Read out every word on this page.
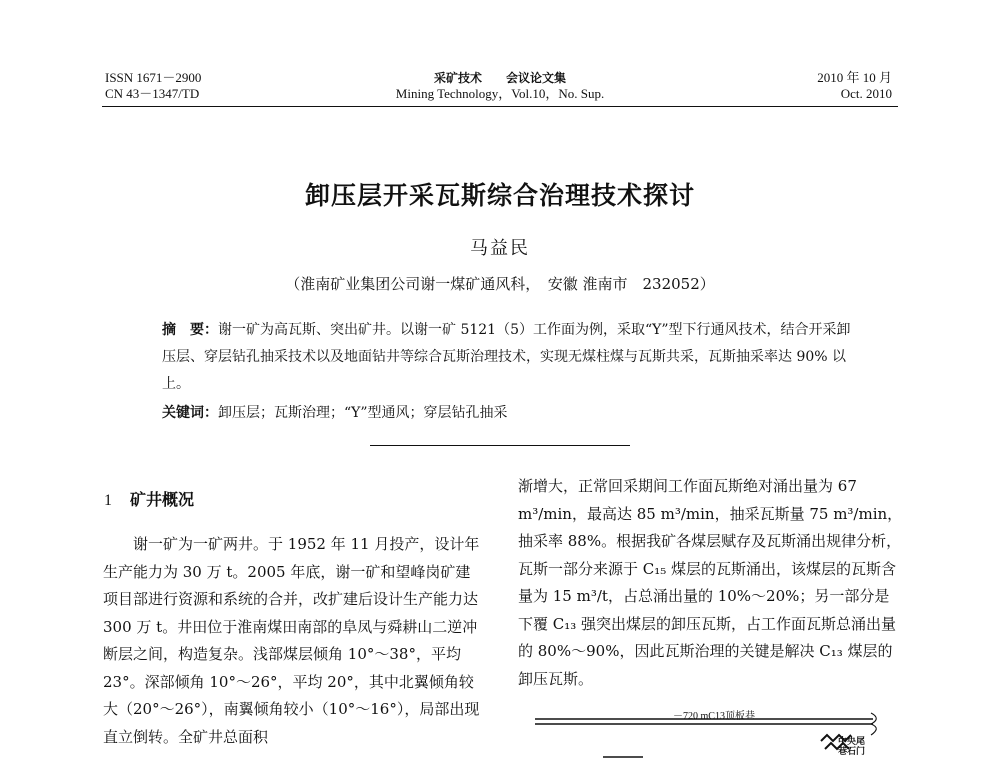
ISSN 1671－2900
CN 43－1347/TD
采矿技术　　会议论文集
Mining Technology，Vol.10，No. Sup.
2010 年 10 月
Oct. 2010
卸压层开采瓦斯综合治理技术探讨
马益民
（淮南矿业集团公司谢一煤矿通风科，　安徽 淮南市　232052）
摘　要：谢一矿为高瓦斯、突出矿井。以谢一矿 5121（5）工作面为例，采取“Y”型下行通风技术，结合开采卸压层、穿层钻孔抽采技术以及地面钻井等综合瓦斯治理技术，实现无煤柱煤与瓦斯共采，瓦斯抽采率达 90% 以上。
关键词：卸压层；瓦斯治理；“Y”型通风；穿层钻孔抽采
1 矿井概况

谢一矿为一矿两井。于 1952 年 11 月投产，设计年生产能力为 30 万 t。2005 年底，谢一矿和望峰岗矿建项目部进行资源和系统的合并，改扩建后设计生产能力达 300 万 t。井田位于淮南煤田南部的阜凤与舜耕山二逆冲断层之间，构造复杂。浅部煤层倾角 10°～38°，平均 23°。深部倾角 10°～26°，平均 20°，其中北翼倾角较大（20°～26°），南翼倾角较小（10°～16°），局部出现直立倒转。全矿井总面积

渐增大，正常回采期间工作面瓦斯绝对涌出量为 67 m³/min，最高达 85 m³/min，抽采瓦斯量 75 m³/min，抽采率 88%。根据我矿各煤层赋存及瓦斯涌出规律分析，瓦斯一部分来源于 C₁₅ 煤层的瓦斯涌出，该煤层的瓦斯含量为 15 m³/t，占总涌出量的 10%～20%；另一部分是下覆 C₁₃ 强突出煤层的卸压瓦斯，占工作面瓦斯总涌出量的 80%～90%，因此瓦斯治理的关键是解决 C₁₃ 煤层的卸压瓦斯。

－720 mC13顶板巷
中央尾
巷石门
